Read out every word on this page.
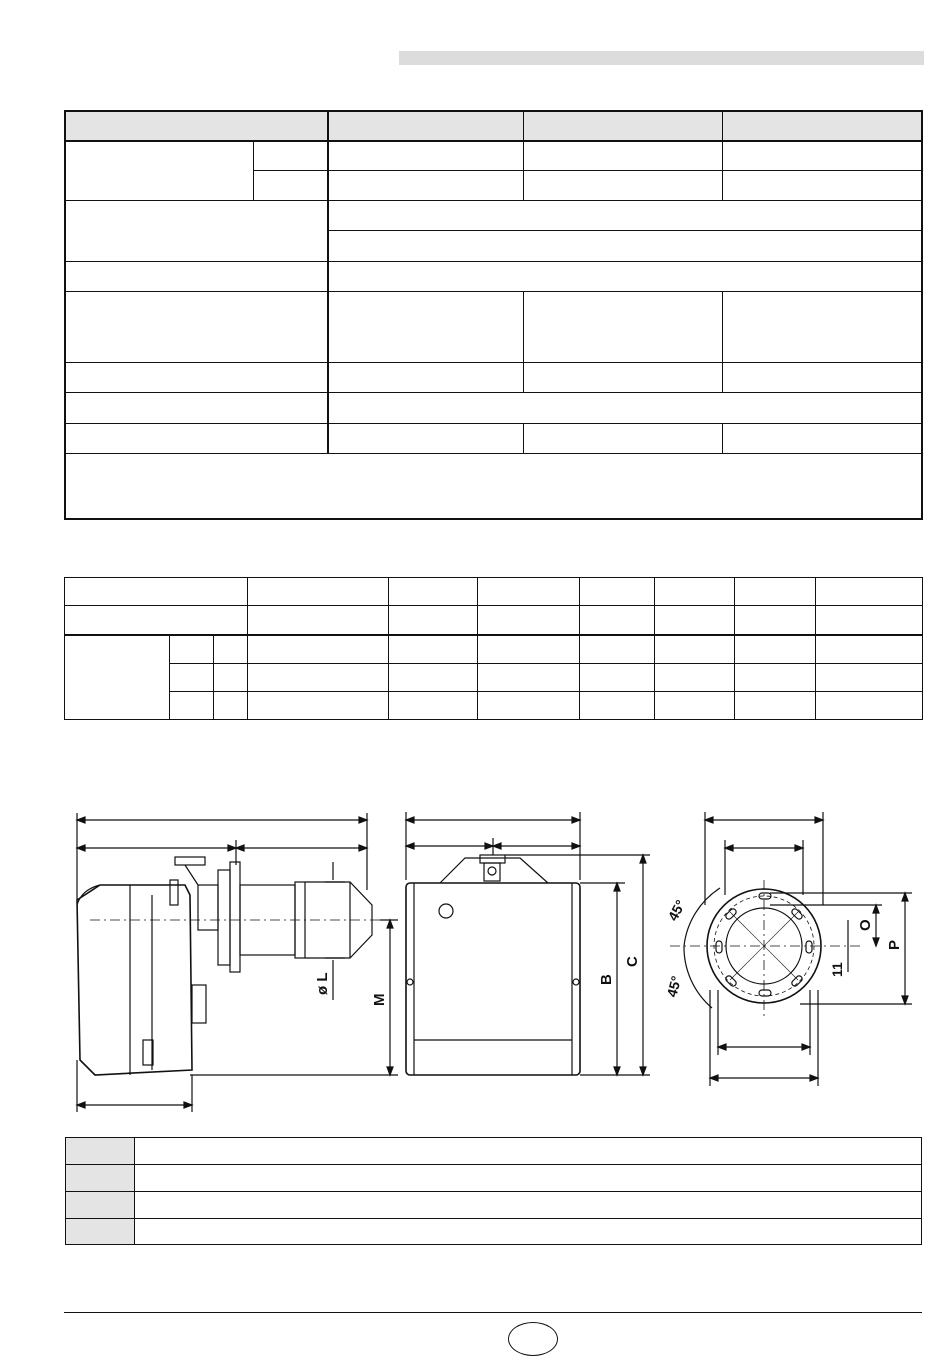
ø L
M
B
C
O
P
11
45°
45°
